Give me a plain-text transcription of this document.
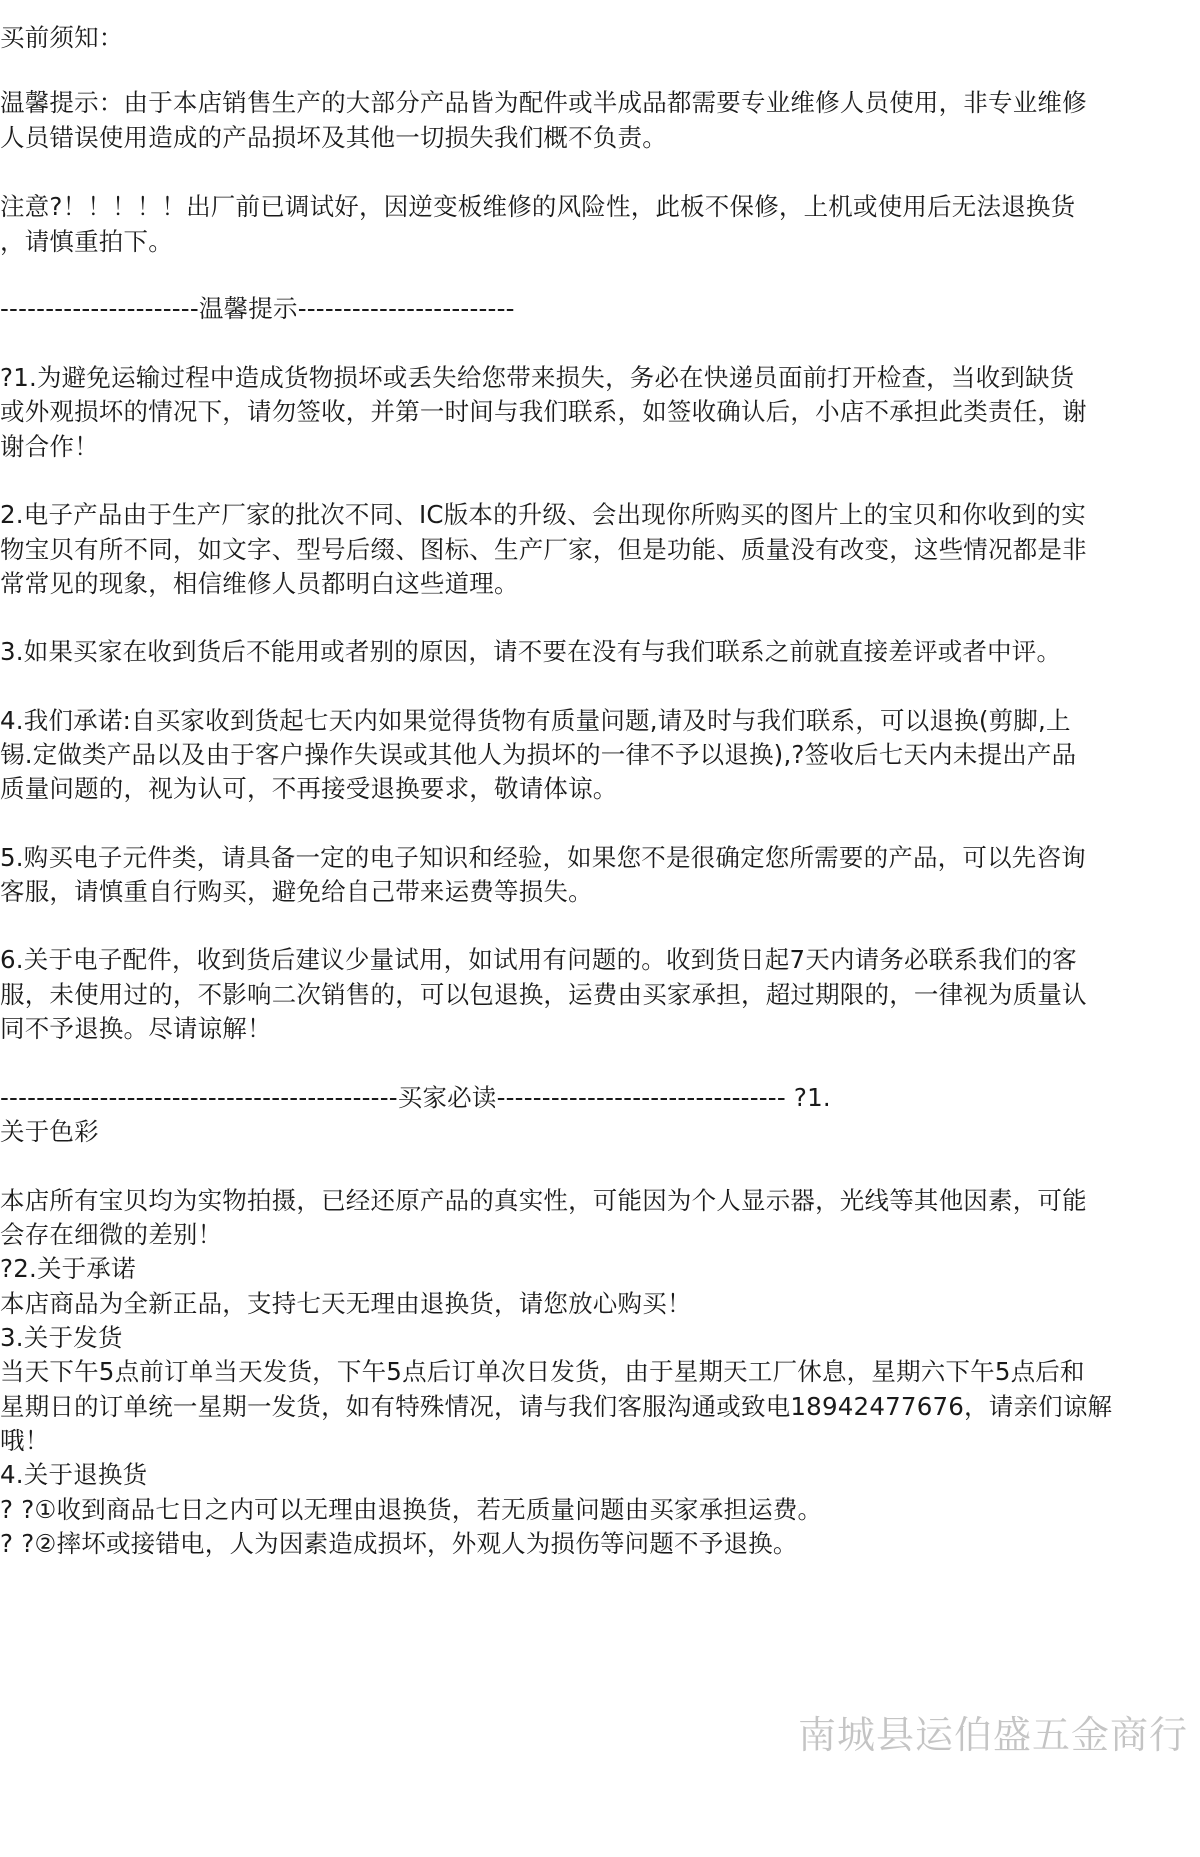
买前须知：
温馨提示：由于本店销售生产的大部分产品皆为配件或半成品都需要专业维修人员使用，非专业维修
人员错误使用造成的产品损坏及其他一切损失我们概不负责。
注意?！！！！！出厂前已调试好，因逆变板维修的风险性，此板不保修，上机或使用后无法退换货
，请慎重拍下。
----------------------温馨提示------------------------
?1.为避免运输过程中造成货物损坏或丢失给您带来损失，务必在快递员面前打开检查，当收到缺货
或外观损坏的情况下，请勿签收，并第一时间与我们联系，如签收确认后，小店不承担此类责任，谢
谢合作！
2.电子产品由于生产厂家的批次不同、IC版本的升级、会出现你所购买的图片上的宝贝和你收到的实
物宝贝有所不同，如文字、型号后缀、图标、生产厂家，但是功能、质量没有改变，这些情况都是非
常常见的现象，相信维修人员都明白这些道理。
3.如果买家在收到货后不能用或者别的原因，请不要在没有与我们联系之前就直接差评或者中评。
4.我们承诺:自买家收到货起七天内如果觉得货物有质量问题,请及时与我们联系，可以退换(剪脚,上
锡.定做类产品以及由于客户操作失误或其他人为损坏的一律不予以退换),?签收后七天内未提出产品
质量问题的，视为认可，不再接受退换要求，敬请体谅。
5.购买电子元件类，请具备一定的电子知识和经验，如果您不是很确定您所需要的产品，可以先咨询
客服，请慎重自行购买，避免给自己带来运费等损失。
6.关于电子配件，收到货后建议少量试用，如试用有问题的。收到货日起7天内请务必联系我们的客
服，未使用过的，不影响二次销售的，可以包退换，运费由买家承担，超过期限的，一律视为质量认
同不予退换。尽请谅解！
--------------------------------------------买家必读-------------------------------- ?1.
关于色彩
本店所有宝贝均为实物拍摄，已经还原产品的真实性，可能因为个人显示器，光线等其他因素，可能
会存在细微的差别！
?2.关于承诺
本店商品为全新正品，支持七天无理由退换货，请您放心购买！
3.关于发货
当天下午5点前订单当天发货，下午5点后订单次日发货，由于星期天工厂休息，星期六下午5点后和
星期日的订单统一星期一发货，如有特殊情况，请与我们客服沟通或致电18942477676，请亲们谅解
哦！
4.关于退换货
? ?①收到商品七日之内可以无理由退换货，若无质量问题由买家承担运费。
? ?②摔坏或接错电，人为因素造成损坏，外观人为损伤等问题不予退换。
南城县运伯盛五金商行
